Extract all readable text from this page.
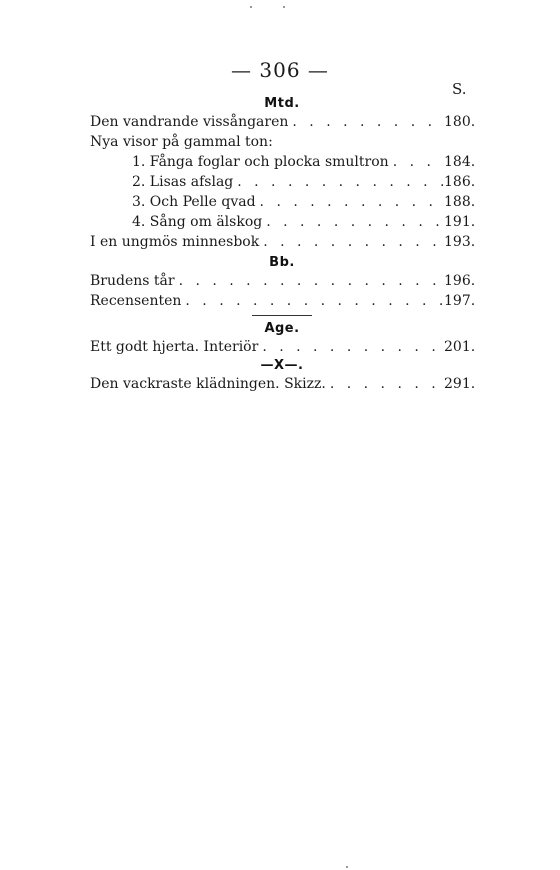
— 306 —
S.
Mtd.
Den vandrande vissångaren . . .	180.
Nya visor på gammal ton:
1. Fånga foglar och plocka smultron . . .	184.
2. Lisas afslag . . .	186.
3. Och Pelle qvad . . .	188.
4. Sång om älskog . . .	191.
I en ungmös minnesbok . . .	193.
Bb.
Brudens tår . . .	196.
Recensenten . . .	197.
Age.
Ett godt hjerta. Interiör . . .	201.
—X—.
Den vackraste klädningen. Skizz. . . .	291.
